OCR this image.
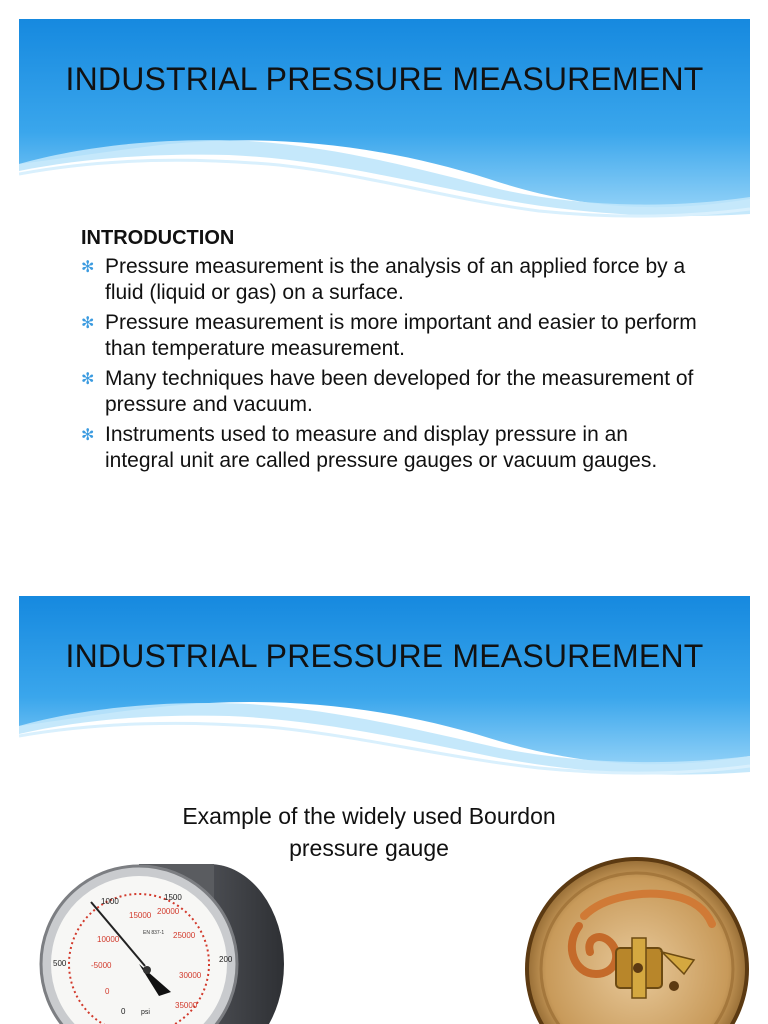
INDUSTRIAL PRESSURE MEASUREMENT
INTRODUCTION
✻ Pressure measurement is the analysis of an applied force by a fluid (liquid or gas) on a surface.
✻ Pressure measurement is more important and easier to perform than temperature measurement.
✻ Many techniques have been developed for the measurement of pressure and vacuum.
✻ Instruments used to measure and display pressure in an integral unit are called pressure gauges or vacuum gauges.
INDUSTRIAL PRESSURE MEASUREMENT
Example of the widely used Bourdon
pressure gauge
1000	1500
15000 20000
10000	25000
500	-5000
30000
200
35000
0
0 psi
EN 837-1
